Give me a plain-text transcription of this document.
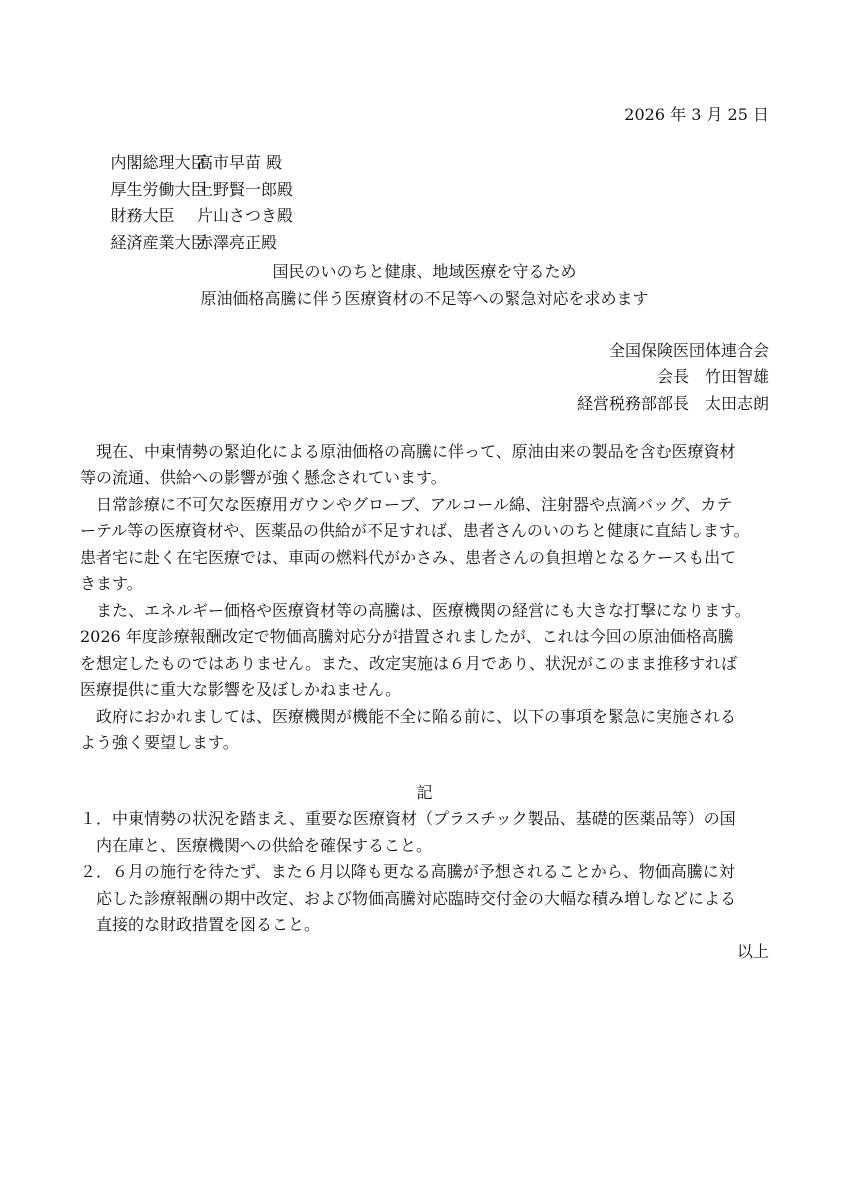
2026 年 3 月 25 日

内閣総理大臣
高市早苗 殿

厚生労働大臣
上野賢一郎殿

財務大臣 片山さつき殿

経済産業大臣
赤澤亮正殿

国民のいのちと健康、地域医療を守るため
原油価格高騰に伴う医療資材の不足等への緊急対応を求めます
全国保険医団体連合会
会長　竹田智雄
経営税務部部長　太田志朗
　現在、中東情勢の緊迫化による原油価格の高騰に伴って、原油由来の製品を含む医療資材
等の流通、供給への影響が強く懸念されています。
　日常診療に不可欠な医療用ガウンやグローブ、アルコール綿、注射器や点滴バッグ、カテ
ーテル等の医療資材や、医薬品の供給が不足すれば、患者さんのいのちと健康に直結します。
患者宅に赴く在宅医療では、車両の燃料代がかさみ、患者さんの負担増となるケースも出て
きます。
　また、エネルギー価格や医療資材等の高騰は、医療機関の経営にも大きな打撃になります。
2026 年度診療報酬改定で物価高騰対応分が措置されましたが、これは今回の原油価格高騰
を想定したものではありません。また、改定実施は６月であり、状況がこのまま推移すれば
医療提供に重大な影響を及ぼしかねません。
　政府におかれましては、医療機関が機能不全に陥る前に、以下の事項を緊急に実施される
よう強く要望します。
記
１．中東情勢の状況を踏まえ、重要な医療資材（プラスチック製品、基礎的医薬品等）の国
　内在庫と、医療機関への供給を確保すること。
２．６月の施行を待たず、また６月以降も更なる高騰が予想されることから、物価高騰に対
　応した診療報酬の期中改定、および物価高騰対応臨時交付金の大幅な積み増しなどによる
　直接的な財政措置を図ること。
以上
